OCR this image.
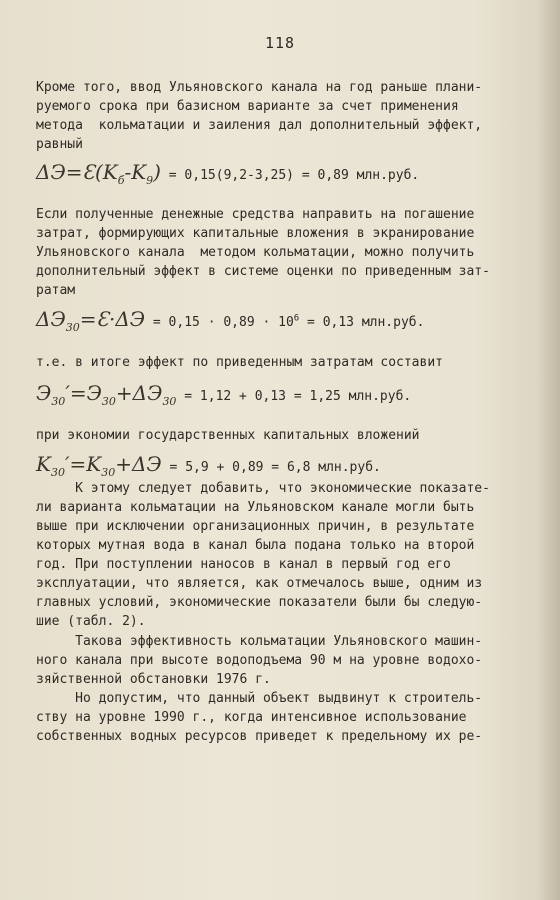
118
Кроме того, ввод Ульяновского канала на год раньше плани-
руемого срока при базисном варианте за счет применения
метода  кольматации и заиления дал дополнительный эффект,
равный
$\Delta Э=Ɛ(K_б-K_9) = 0,15(9,2-3,25) = 0,89$ млн.руб.
Если полученные денежные средства направить на погашение
затрат, формирующих капитальные вложения в экранирование
Ульяновского канала  методом кольматации, можно получить
дополнительный эффект в системе оценки по приведенным зат-
ратам
$\Delta Э_{30}=Ɛ\cdot\Delta Э = 0,15 \cdot 0,89 \cdot 10^6 = 0,13$ млн.руб.
т.е. в итоге эффект по приведенным затратам составит
$Э_{30}'=Э_{30}+\Delta Э_{30} = 1,12 + 0,13 = 1,25$ млн.руб.
при экономии государственных капитальных вложений
$K_{30}'=K_{30}+\Delta Э = 5,9 + 0,89 = 6,8$ млн.руб.
К этому следует добавить, что экономические показате-
ли варианта кольматации на Ульяновском канале могли быть
выше при исключении организационных причин, в результате
которых мутная вода в канал была подана только на второй
год. При поступлении наносов в канал в первый год его
эксплуатации, что является, как отмечалось выше, одним из
главных условий, экономические показатели были бы следую-
шие (табл. 2).
Такова эффективность кольматации Ульяновского машин-
ного канала при высоте водоподъема 90 м на уровне водохо-
зяйственной обстановки 1976 г.
Но допустим, что данный объект выдвинут к строитель-
ству на уровне 1990 г., когда интенсивное использование
собственных водных ресурсов приведет к предельному их ре-
